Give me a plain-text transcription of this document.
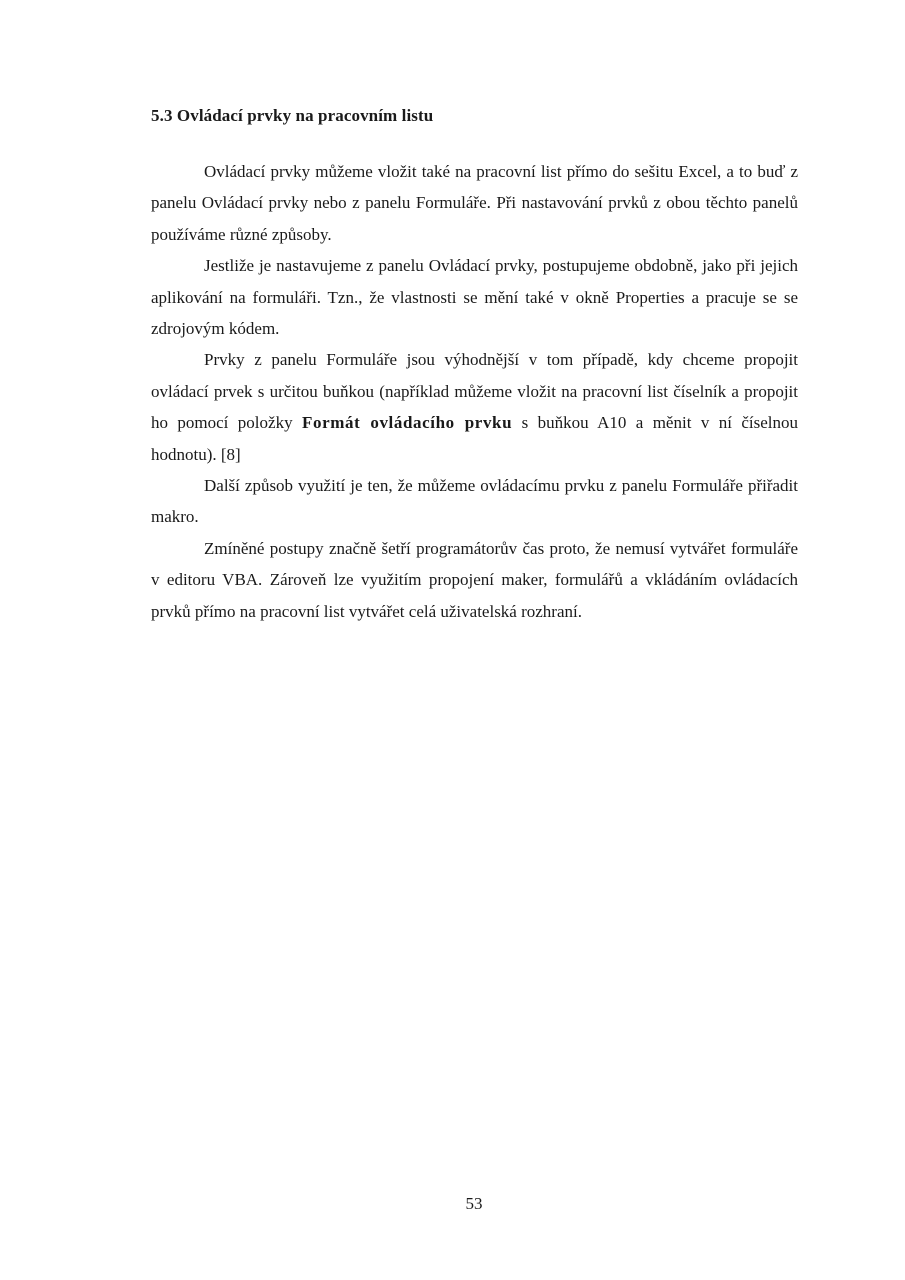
5.3 Ovládací prvky na pracovním listu

Ovládací prvky můžeme vložit také na pracovní list přímo do sešitu Excel, a to buď z panelu Ovládací prvky nebo z panelu Formuláře. Při nastavování prvků z obou těchto panelů používáme různé způsoby.

Jestliže je nastavujeme z panelu Ovládací prvky, postupujeme obdobně, jako při jejich aplikování na formuláři. Tzn., že vlastnosti se mění také v okně Properties a pracuje se se zdrojovým kódem.

Prvky z panelu Formuláře jsou výhodnější v tom případě, kdy chceme propojit ovládací prvek s určitou buňkou (například můžeme vložit na pracovní list číselník a propojit ho pomocí položky Formát ovládacího prvku s buňkou A10 a měnit v ní číselnou hodnotu). [8]

Další způsob využití je ten, že můžeme ovládacímu prvku z panelu Formuláře přiřadit makro.

Zmíněné postupy značně šetří programátorův čas proto, že nemusí vytvářet formuláře v editoru VBA. Zároveň lze využitím propojení maker, formulářů a vkládáním ovládacích prvků přímo na pracovní list vytvářet celá uživatelská rozhraní.

53
